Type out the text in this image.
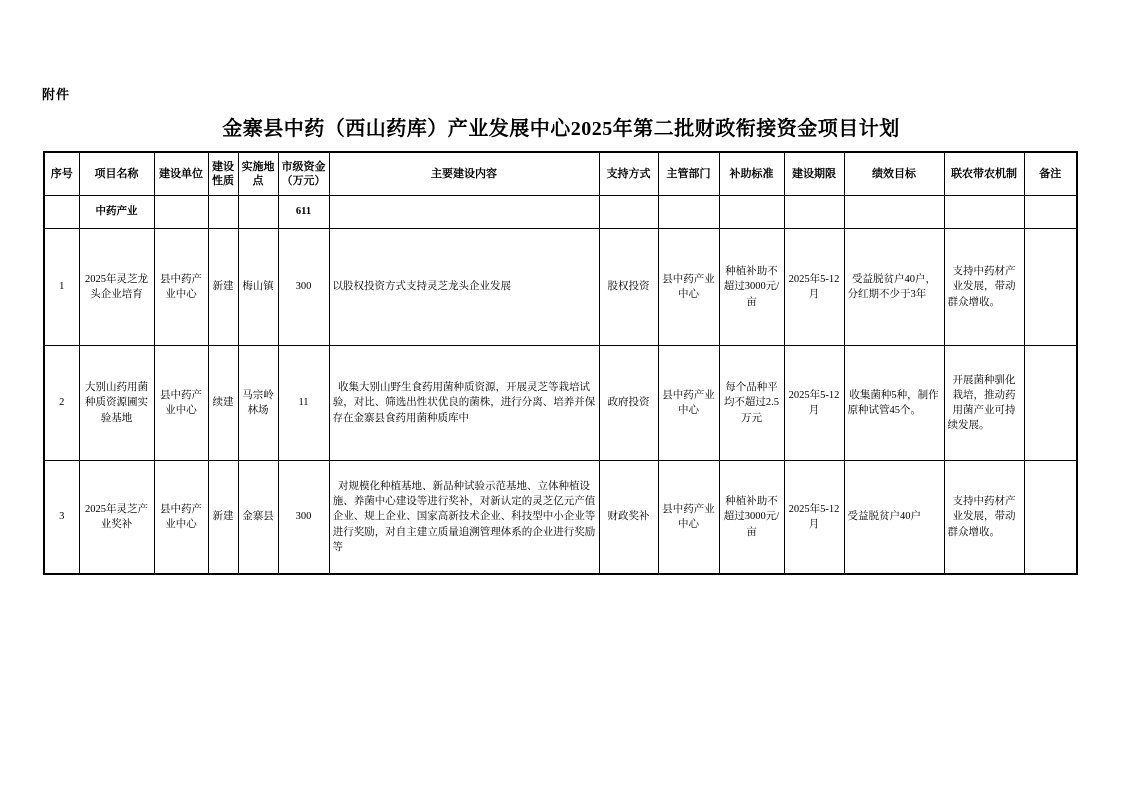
附件
金寨县中药（西山药库）产业发展中心2025年第二批财政衔接资金项目计划
序号	项目名称	建设单位	建设性质	实施地点	市级资金（万元）	主要建设内容	支持方式	主管部门	补助标准	建设期限	绩效目标	联农带农机制	备注
	中药产业				611								
1	2025年灵芝龙头企业培育	县中药产业中心	新建	梅山镇	300	以股权投资方式支持灵芝龙头企业发展	股权投资	县中药产业中心	种植补助不超过3000元/亩	2025年5-12月	受益脱贫户40户，分红期不少于3年	支持中药材产业发展，带动群众增收。	
2	大别山药用菌种质资源圃实验基地	县中药产业中心	续建	马宗岭林场	11	收集大别山野生食药用菌种质资源，开展灵芝等栽培试验，对比、筛选出性状优良的菌株，进行分离、培养并保存在金寨县食药用菌种质库中	政府投资	县中药产业中心	每个品种平均不超过2.5万元	2025年5-12月	收集菌种5种，制作原种试管45个。	开展菌种驯化栽培，推动药用菌产业可持续发展。	
3	2025年灵芝产业奖补	县中药产业中心	新建	金寨县	300	对规模化种植基地、新品种试验示范基地、立体种植设施、养菌中心建设等进行奖补，对新认定的灵芝亿元产值企业、规上企业、国家高新技术企业、科技型中小企业等进行奖励，对自主建立质量追溯管理体系的企业进行奖励等	财政奖补	县中药产业中心	种植补助不超过3000元/亩	2025年5-12月	受益脱贫户40户	支持中药材产业发展，带动群众增收。	
